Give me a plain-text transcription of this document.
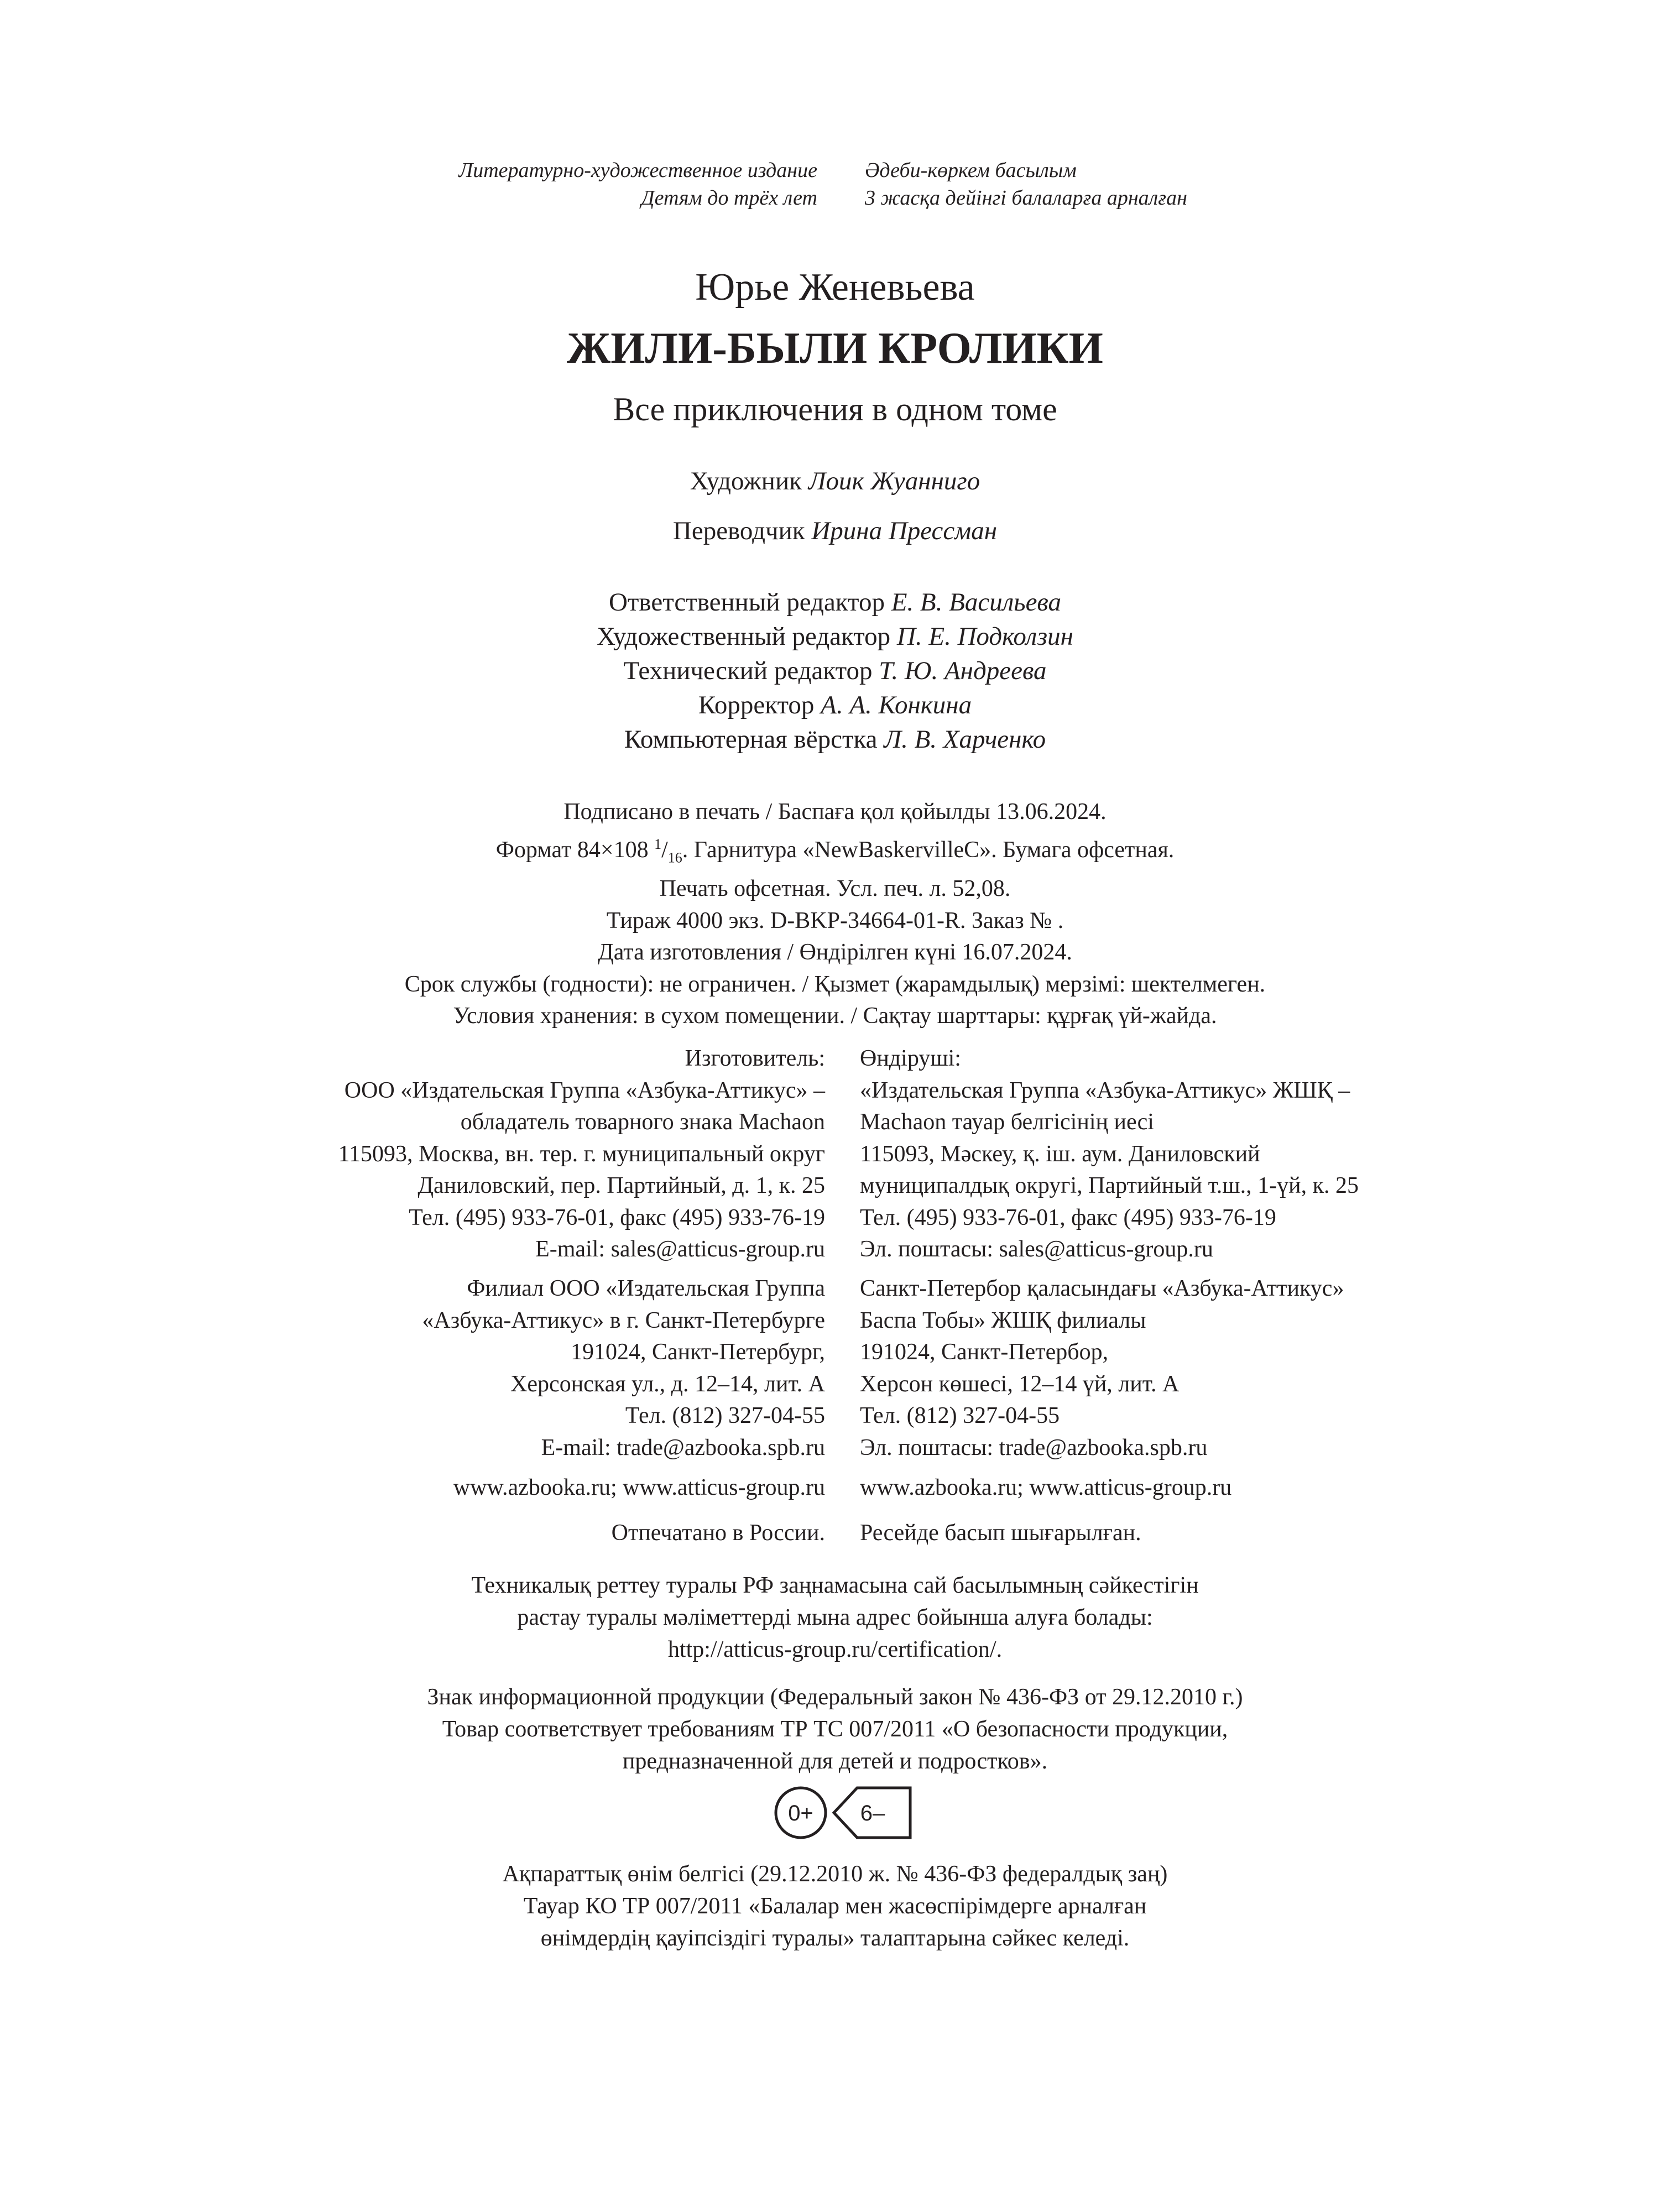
Литературно-художественное издание
Детям до трёх лет
Әдеби-көркем басылым
3 жасқа дейінгі балаларға арналған
Юрье Женевьева
ЖИЛИ-БЫЛИ КРОЛИКИ
Все приключения в одном томе
Художник Лоик Жуанниго
Переводчик Ирина Прессман
Ответственный редактор Е. В. Васильева
Художественный редактор П. Е. Подколзин
Технический редактор Т. Ю. Андреева
Корректор А. А. Конкина
Компьютерная вёрстка Л. В. Харченко
Подписано в печать / Баспаға қол қойылды 13.06.2024.
Формат 84×108 $^1/_{16}$. Гарнитура «NewBaskervilleC». Бумага офсетная.
Печать офсетная. Усл. печ. л. 52,08.
Тираж 4000 экз. D-BKP-34664-01-R. Заказ № .
Дата изготовления / Өндірілген күні 16.07.2024.
Срок службы (годности): не ограничен. / Қызмет (жарамдылық) мерзімі: шектелмеген.
Условия хранения: в сухом помещении. / Сақтау шарттары: құрғақ үй-жайда.
Изготовитель:
ООО «Издательская Группа «Азбука-Аттикус» –
обладатель товарного знака Machaon
115093, Москва, вн. тер. г. муниципальный округ
Даниловский, пер. Партийный, д. 1, к. 25
Тел. (495) 933-76-01, факс (495) 933-76-19
E-mail: sales@atticus-group.ru
Өндіруші:
«Издательская Группа «Азбука-Аттикус» ЖШҚ –
Machaon тауар белгісінің иесі
115093, Мәскеу, қ. іш. аум. Даниловский
муниципалдық округі, Партийный т.ш., 1-үй, к. 25
Тел. (495) 933-76-01, факс (495) 933-76-19
Эл. поштасы: sales@atticus-group.ru
Филиал ООО «Издательская Группа
«Азбука-Аттикус» в г. Санкт-Петербурге
191024, Санкт-Петербург,
Херсонская ул., д. 12–14, лит. А
Тел. (812) 327-04-55
E-mail: trade@azbooka.spb.ru
Санкт-Петербор қаласындағы «Азбука-Аттикус»
Баспа Тобы» ЖШҚ филиалы
191024, Санкт-Петербор,
Херсон көшесі, 12–14 үй, лит. А
Тел. (812) 327-04-55
Эл. поштасы: trade@azbooka.spb.ru
www.azbooka.ru; www.atticus-group.ru www.azbooka.ru; www.atticus-group.ru
Отпечатано в России. Ресейде басып шығарылған.
Техникалық реттеу туралы РФ заңнамасына сай басылымның сәйкестігін
растау туралы мәліметтерді мына адрес бойынша алуға болады:
http://atticus-group.ru/certification/.
Знак информационной продукции (Федеральный закон № 436-ФЗ от 29.12.2010 г.)
Товар соответствует требованиям ТР ТС 007/2011 «О безопасности продукции,
предназначенной для детей и подростков».
0+ 6–
Ақпараттық өнім белгісі (29.12.2010 ж. № 436-ФЗ федералдық заң)
Тауар КО ТР 007/2011 «Балалар мен жасөспірімдерге арналған
өнімдердің қауіпсіздігі туралы» талаптарына сәйкес келеді.
